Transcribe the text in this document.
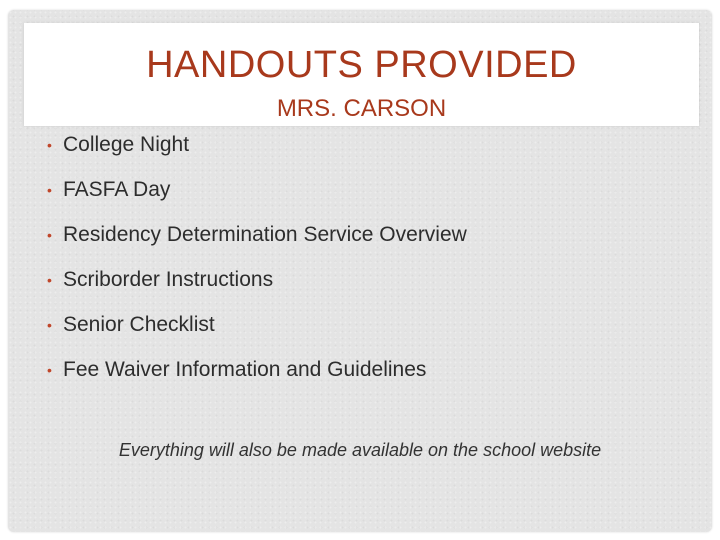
HANDOUTS PROVIDED
MRS. CARSON
• College Night
• FASFA Day
• Residency Determination Service Overview
• Scriborder Instructions
• Senior Checklist
• Fee Waiver Information and Guidelines
Everything will also be made available on the school website
